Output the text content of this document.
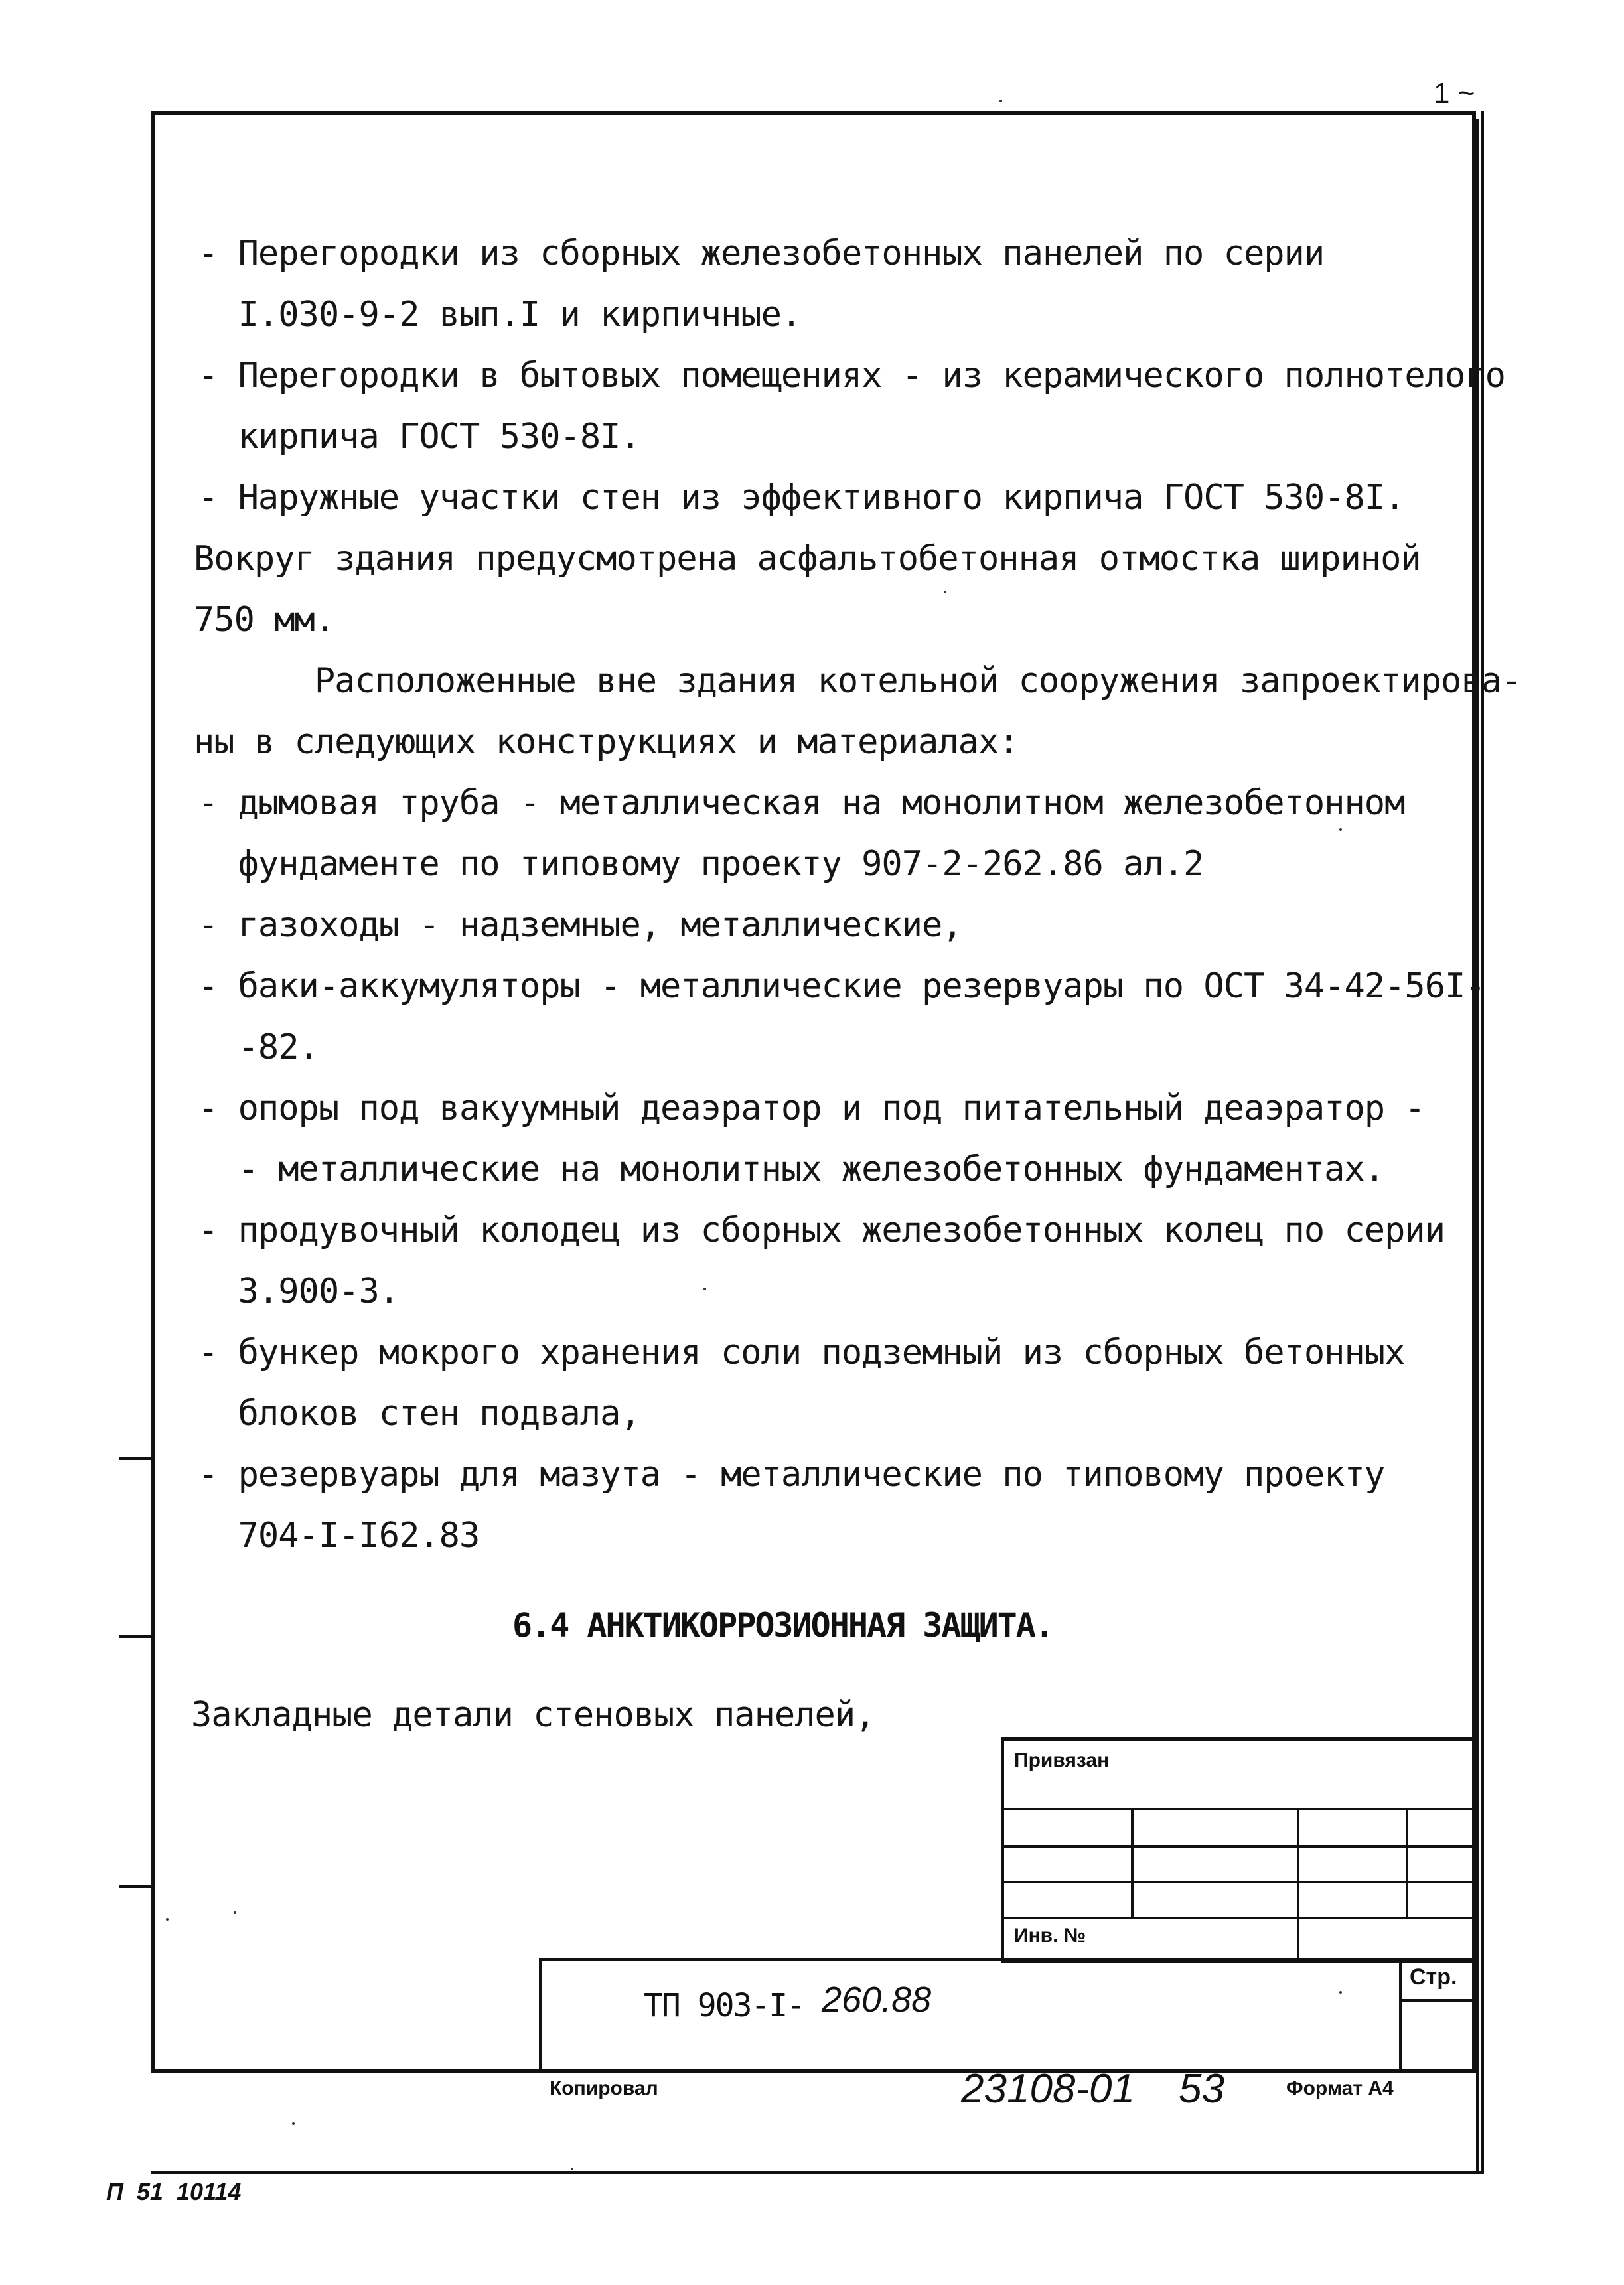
1 ~
- Перегородки из сборных железобетонных панелей по серии
I.030-9-2 вып.I и кирпичные.
- Перегородки в бытовых помещениях - из керамического полнотелого
кирпича ГОСТ 530-8I.
- Наружные участки стен из эффективного кирпича ГОСТ 530-8I.
Вокруг здания предусмотрена асфальтобетонная отмостка шириной
750 мм.
Расположенные вне здания котельной сооружения запроектирова-
ны в следующих конструкциях и материалах:
- дымовая труба - металлическая на монолитном железобетонном
фундаменте по типовому проекту 907-2-262.86 ал.2
- газоходы - надземные, металлические,
- баки-аккумуляторы - металлические резервуары по ОСТ 34-42-56I-
-82.
- опоры под вакуумный деаэратор и под питательный деаэратор -
- металлические на монолитных железобетонных фундаментах.
- продувочный колодец из сборных железобетонных колец по серии
3.900-3.
- бункер мокрого хранения соли подземный из сборных бетонных
блоков стен подвала,
- резервуары для мазута - металлические по типовому проекту
704-I-I62.83
6.4 АНКТИКОРРОЗИОННАЯ ЗАЩИТА.
Закладные детали стеновых панелей,
Привязан
Инв. №
Стр.
ТП 903-I- 260.88
Копировал	23108-01 53	Формат А4
П  51  10114
